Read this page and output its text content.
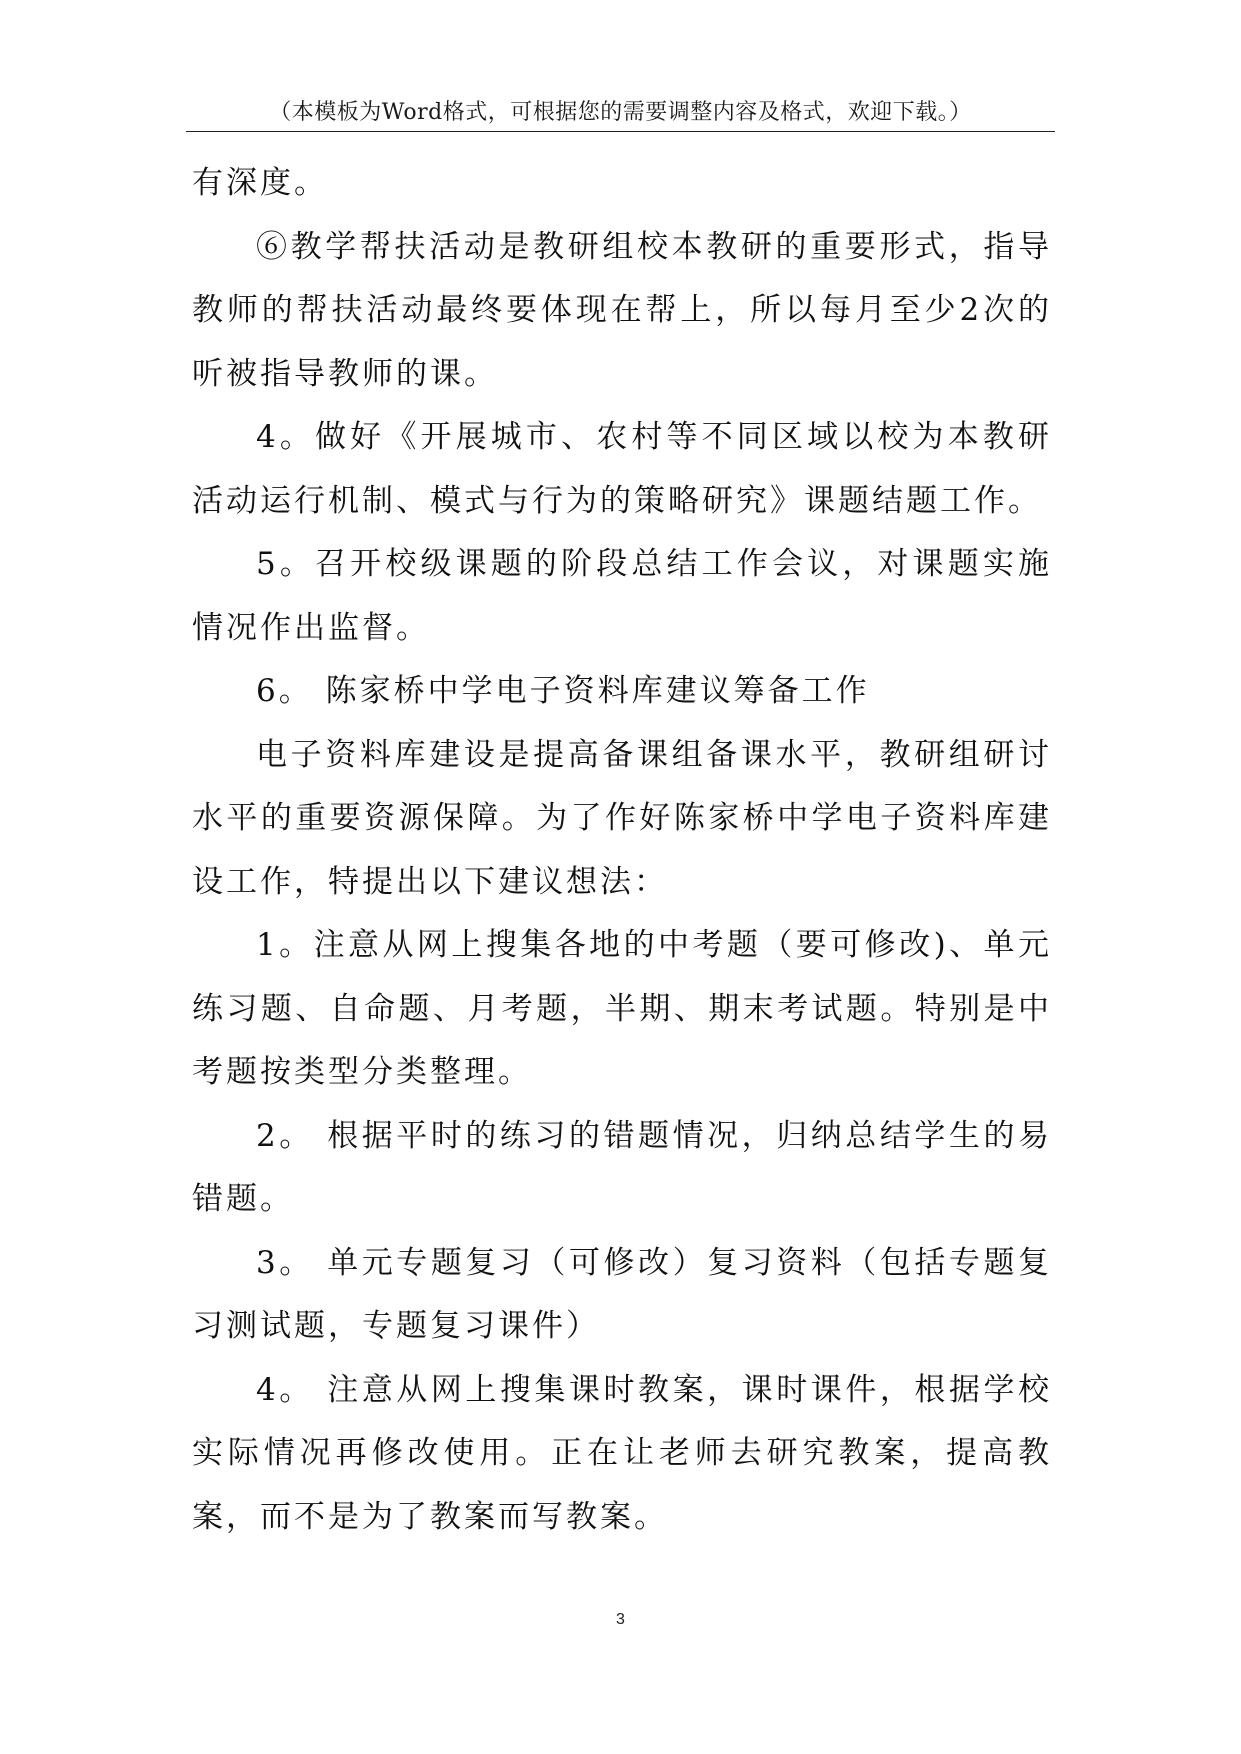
（本模板为Word格式，可根据您的需要调整内容及格式，欢迎下载。）

有深度。

⑥教学帮扶活动是教研组校本教研的重要形式，指导教师的帮扶活动最终要体现在帮上，所以每月至少2次的听被指导教师的课。

4。做好《开展城市、农村等不同区域以校为本教研活动运行机制、模式与行为的策略研究》课题结题工作。

5。召开校级课题的阶段总结工作会议，对课题实施情况作出监督。

6。 陈家桥中学电子资料库建议筹备工作

电子资料库建设是提高备课组备课水平，教研组研讨水平的重要资源保障。为了作好陈家桥中学电子资料库建设工作，特提出以下建议想法：

1。注意从网上搜集各地的中考题（要可修改)、单元练习题、自命题、月考题，半期、期末考试题。特别是中考题按类型分类整理。

2。 根据平时的练习的错题情况，归纳总结学生的易错题。

3。 单元专题复习（可修改）复习资料（包括专题复习测试题，专题复习课件）

4。 注意从网上搜集课时教案，课时课件，根据学校实际情况再修改使用。正在让老师去研究教案，提高教案，而不是为了教案而写教案。

3
